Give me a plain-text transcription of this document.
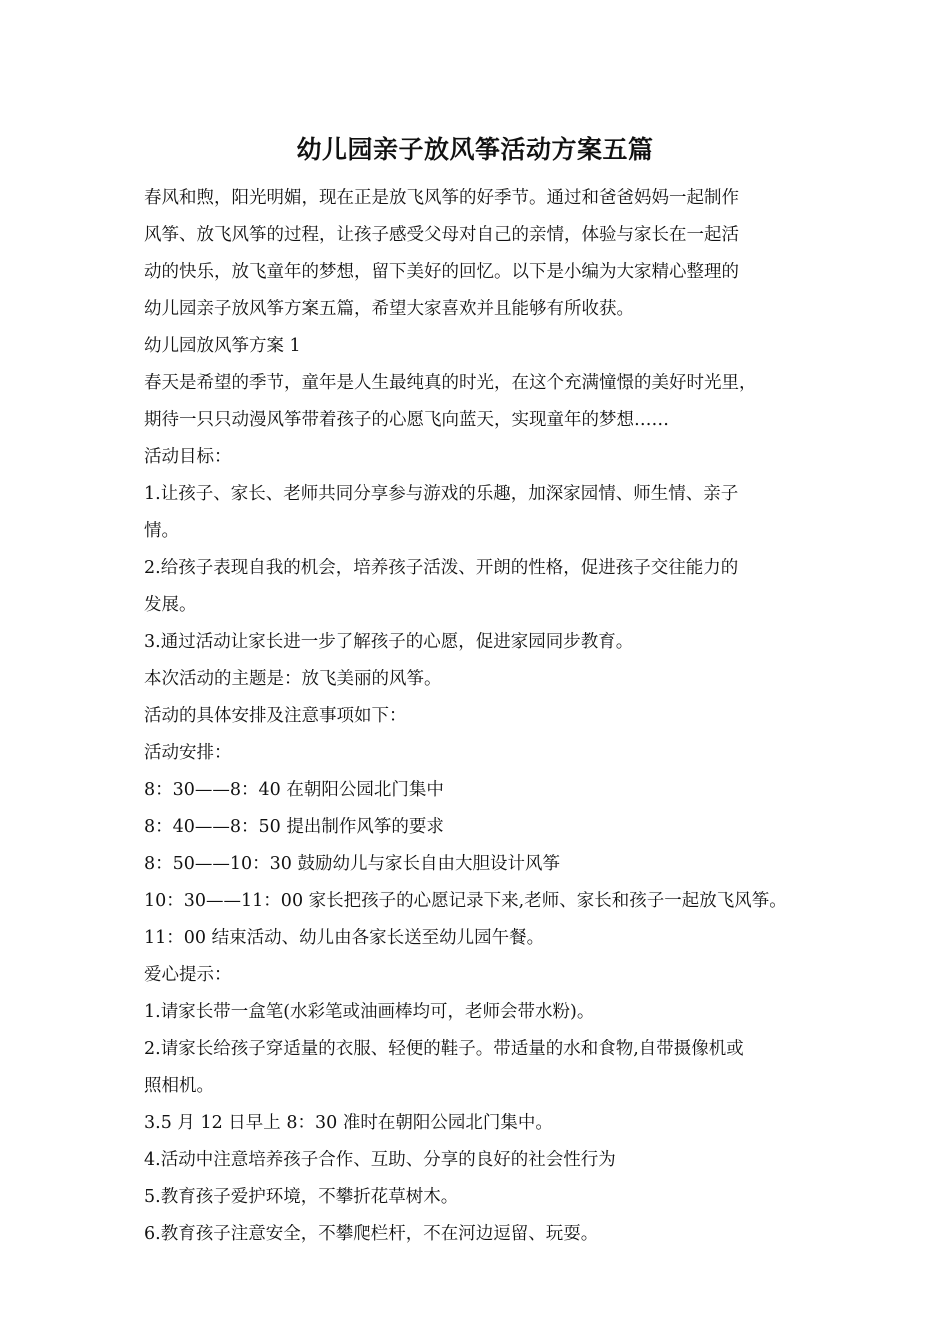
幼儿园亲子放风筝活动方案五篇
春风和煦，阳光明媚，现在正是放飞风筝的好季节。通过和爸爸妈妈一起制作
风筝、放飞风筝的过程，让孩子感受父母对自己的亲情，体验与家长在一起活
动的快乐，放飞童年的梦想，留下美好的回忆。以下是小编为大家精心整理的
幼儿园亲子放风筝方案五篇，希望大家喜欢并且能够有所收获。
幼儿园放风筝方案 1
春天是希望的季节，童年是人生最纯真的时光，在这个充满憧憬的美好时光里，
期待一只只动漫风筝带着孩子的心愿飞向蓝天，实现童年的梦想……
活动目标：
1.让孩子、家长、老师共同分享参与游戏的乐趣，加深家园情、师生情、亲子
情。
2.给孩子表现自我的机会，培养孩子活泼、开朗的性格，促进孩子交往能力的
发展。
3.通过活动让家长进一步了解孩子的心愿，促进家园同步教育。
本次活动的主题是：放飞美丽的风筝。
活动的具体安排及注意事项如下：
活动安排：
8：30——8：40 在朝阳公园北门集中
8：40——8：50 提出制作风筝的要求
8：50——10：30 鼓励幼儿与家长自由大胆设计风筝
10：30——11：00 家长把孩子的心愿记录下来,老师、家长和孩子一起放飞风筝。
11：00 结束活动、幼儿由各家长送至幼儿园午餐。
爱心提示：
1.请家长带一盒笔(水彩笔或油画棒均可，老师会带水粉)。
2.请家长给孩子穿适量的衣服、轻便的鞋子。带适量的水和食物,自带摄像机或
照相机。
3.5 月 12 日早上 8：30 准时在朝阳公园北门集中。
4.活动中注意培养孩子合作、互助、分享的良好的社会性行为
5.教育孩子爱护环境，不攀折花草树木。
6.教育孩子注意安全，不攀爬栏杆，不在河边逗留、玩耍。
